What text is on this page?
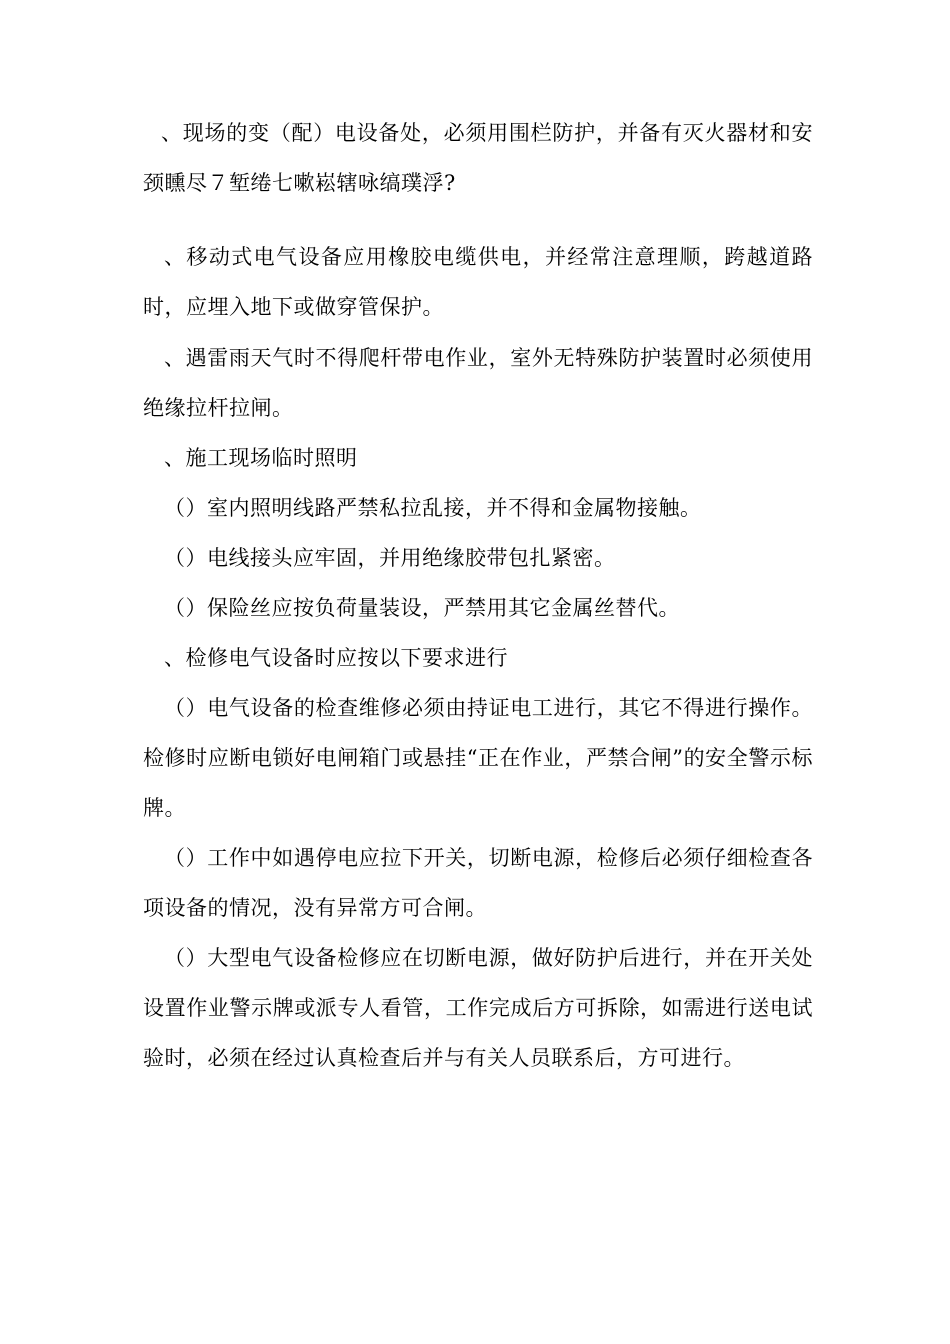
、现场的变（配）电设备处，必须用围栏防护，并备有灭火器材和安颈矄尽７堑绻七嗽崧辖咏缟璞浮?

、移动式电气设备应用橡胶电缆供电，并经常注意理顺，跨越道路时，应埋入地下或做穿管保护。

、遇雷雨天气时不得爬杆带电作业，室外无特殊防护装置时必须使用绝缘拉杆拉闸。

、施工现场临时照明

（）室内照明线路严禁私拉乱接，并不得和金属物接触。

（）电线接头应牢固，并用绝缘胶带包扎紧密。

（）保险丝应按负荷量装设，严禁用其它金属丝替代。

、检修电气设备时应按以下要求进行

（）电气设备的检查维修必须由持证电工进行，其它不得进行操作。检修时应断电锁好电闸箱门或悬挂“正在作业，严禁合闸”的安全警示标牌。

（）工作中如遇停电应拉下开关，切断电源，检修后必须仔细检查各项设备的情况，没有异常方可合闸。

（）大型电气设备检修应在切断电源，做好防护后进行，并在开关处设置作业警示牌或派专人看管，工作完成后方可拆除，如需进行送电试验时，必须在经过认真检查后并与有关人员联系后，方可进行。
